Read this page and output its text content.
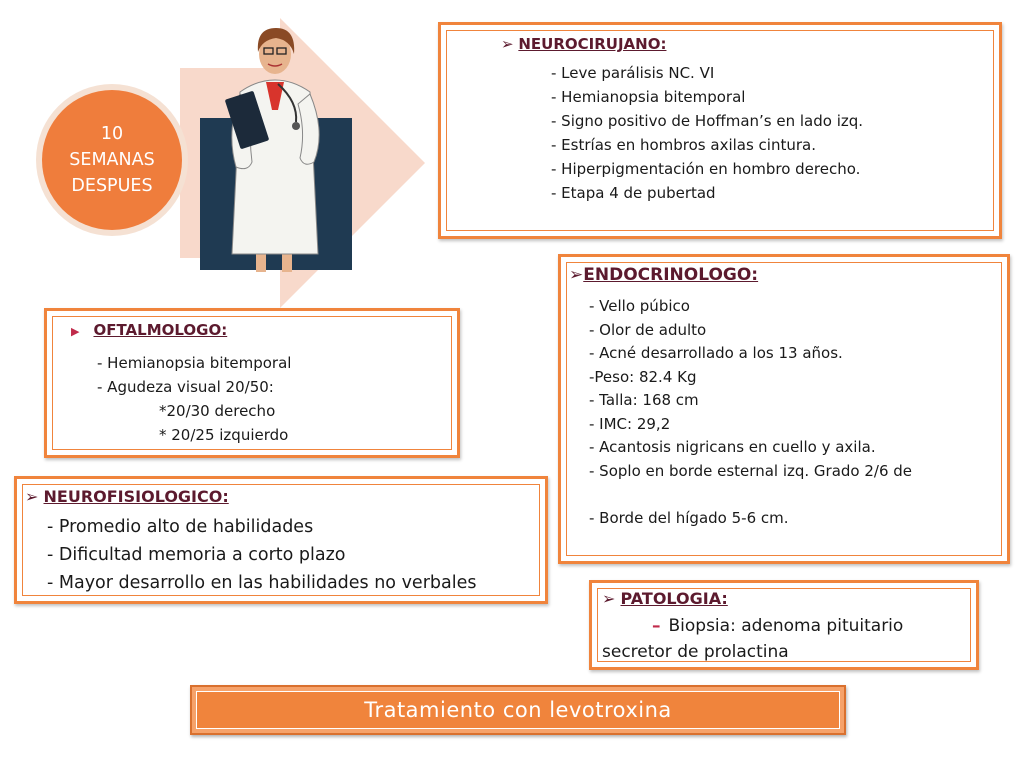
10
SEMANAS
DESPUES
➢ NEUROCIRUJANO:
- Leve parálisis NC. VI
- Hemianopsia bitemporal
- Signo positivo de Hoffman’s en lado izq.
- Estrías en hombros axilas cintura.
- Hiperpigmentación en hombro derecho.
- Etapa 4 de pubertad
➢ENDOCRINOLOGO:
- Vello púbico
- Olor de adulto
- Acné desarrollado a los 13 años.
-Peso: 82.4 Kg
- Talla: 168 cm
- IMC: 29,2
- Acantosis nigricans en cuello y axila.
- Soplo en borde esternal izq. Grado 2/6 de
- Borde del hígado 5-6 cm.
▶ OFTALMOLOGO:
- Hemianopsia bitemporal
- Agudeza visual 20/50:
*20/30 derecho
* 20/25 izquierdo
➢ NEUROFISIOLOGICO:
- Promedio alto de habilidades
- Dificultad memoria a corto plazo
- Mayor desarrollo en las habilidades no verbales
➢ PATOLOGIA:
– Biopsia: adenoma pituitario
secretor de prolactina
Tratamiento con levotroxina
